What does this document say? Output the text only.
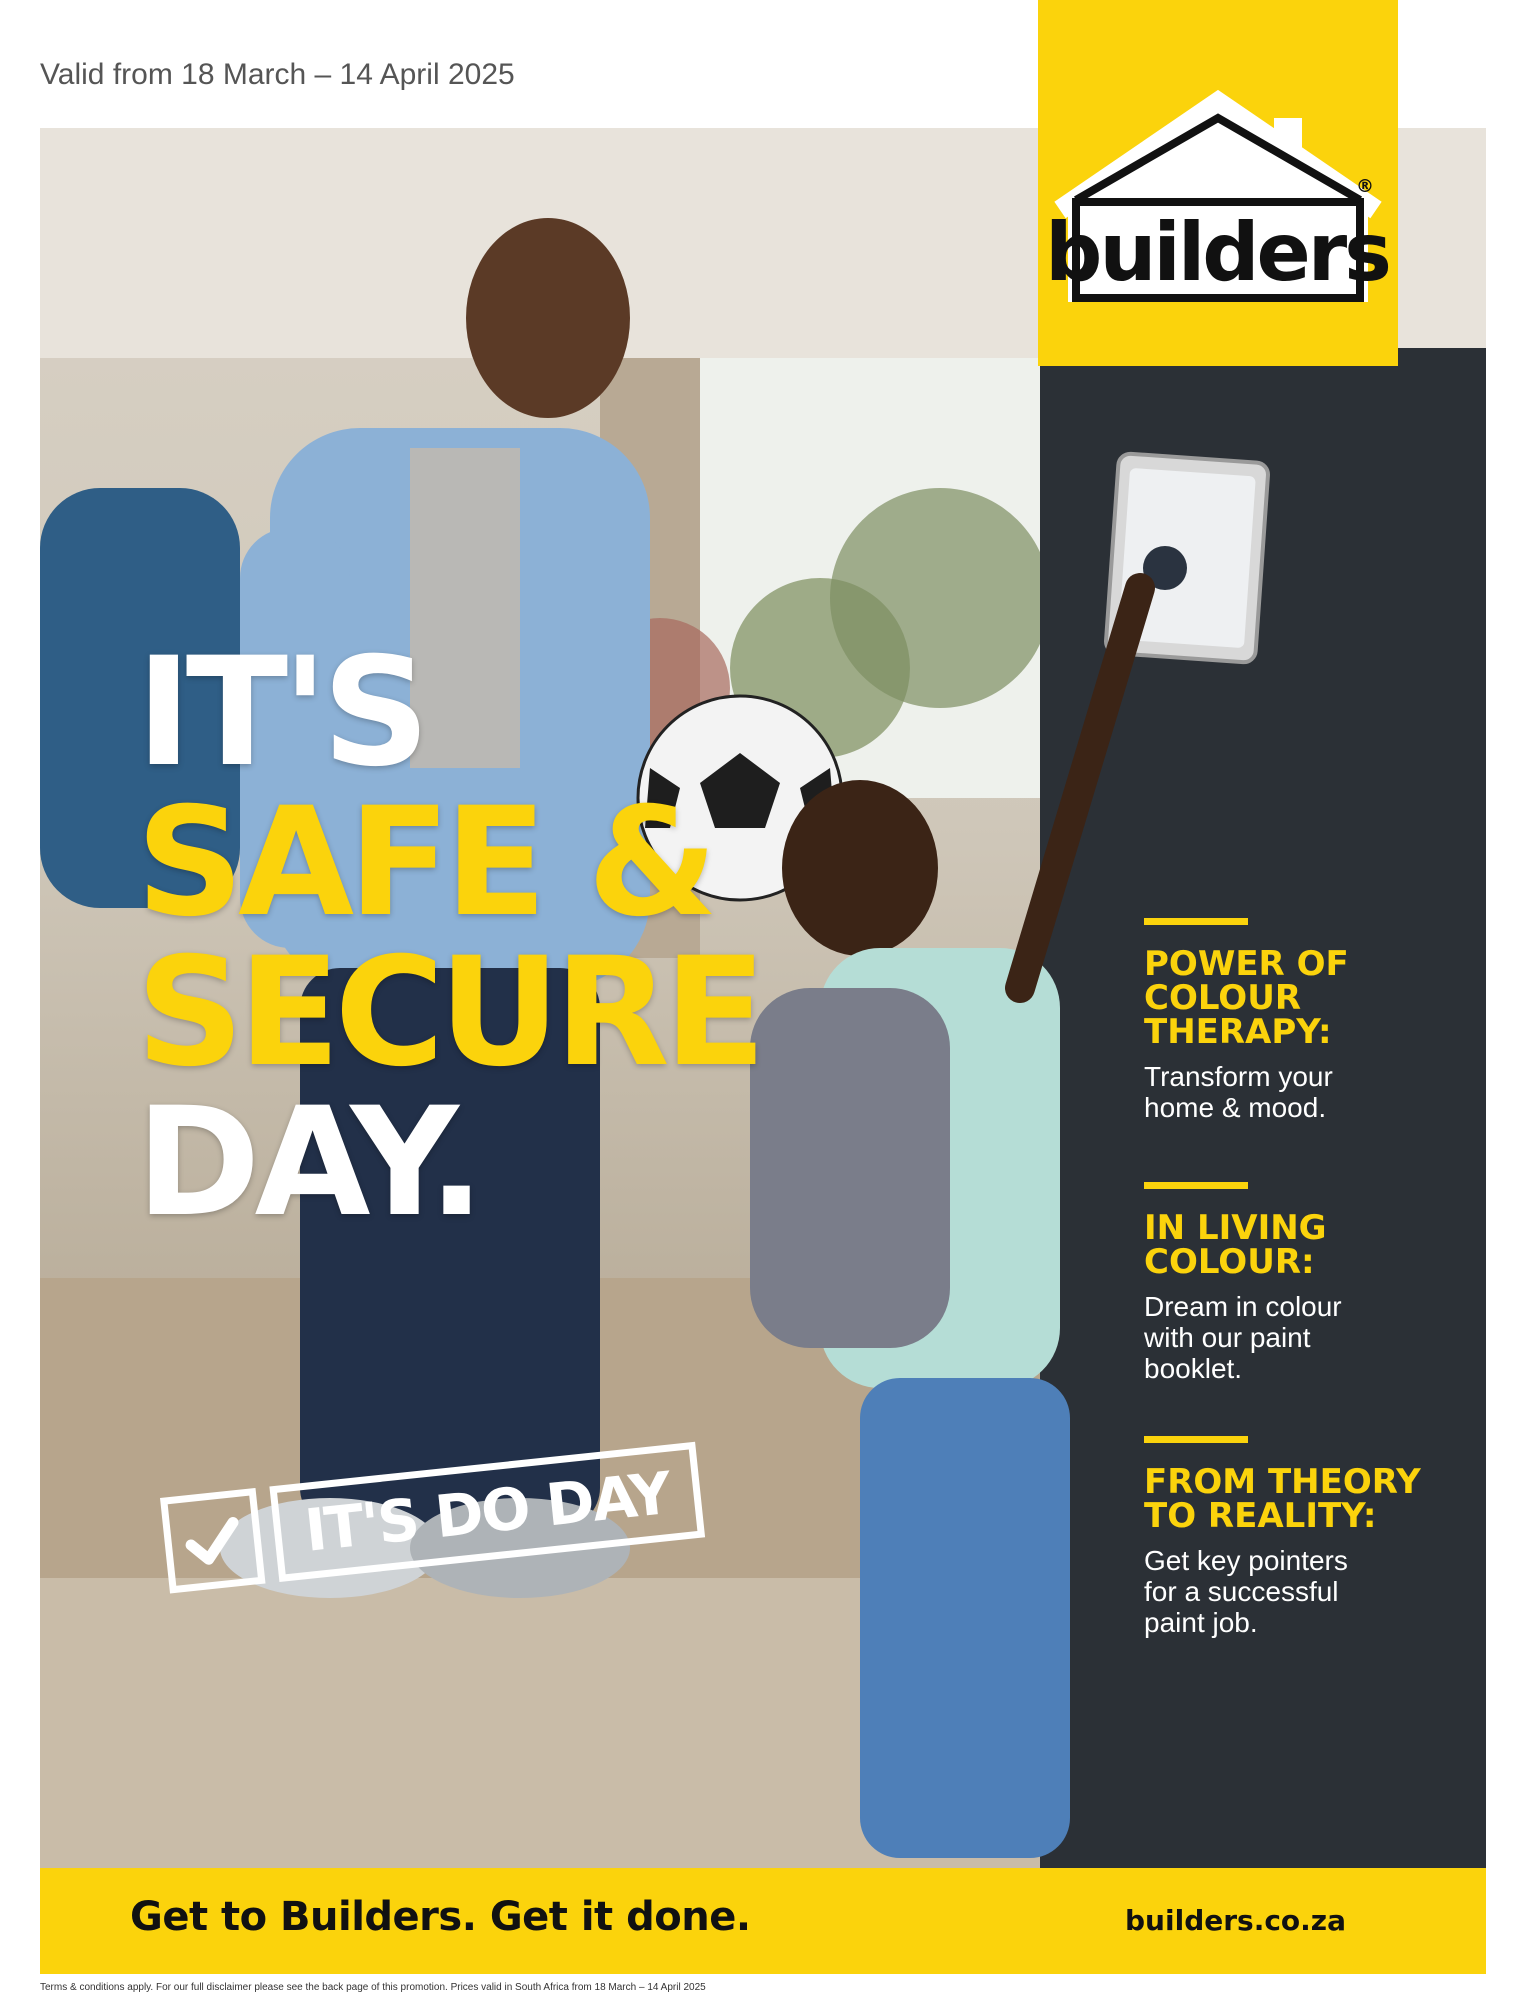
Valid from 18 March – 14 April 2025
builders
®
IT'S
SAFE &
SECURE
DAY.
IT'S DO DAY
POWER OF
COLOUR
THERAPY:
Transform your
home & mood.
IN LIVING
COLOUR:
Dream in colour
with our paint
booklet.
FROM THEORY
TO REALITY:
Get key pointers
for a successful
paint job.
Get to Builders. Get it done.	builders.co.za
Terms & conditions apply. For our full disclaimer please see the back page of this promotion. Prices valid in South Africa from 18 March – 14 April 2025
